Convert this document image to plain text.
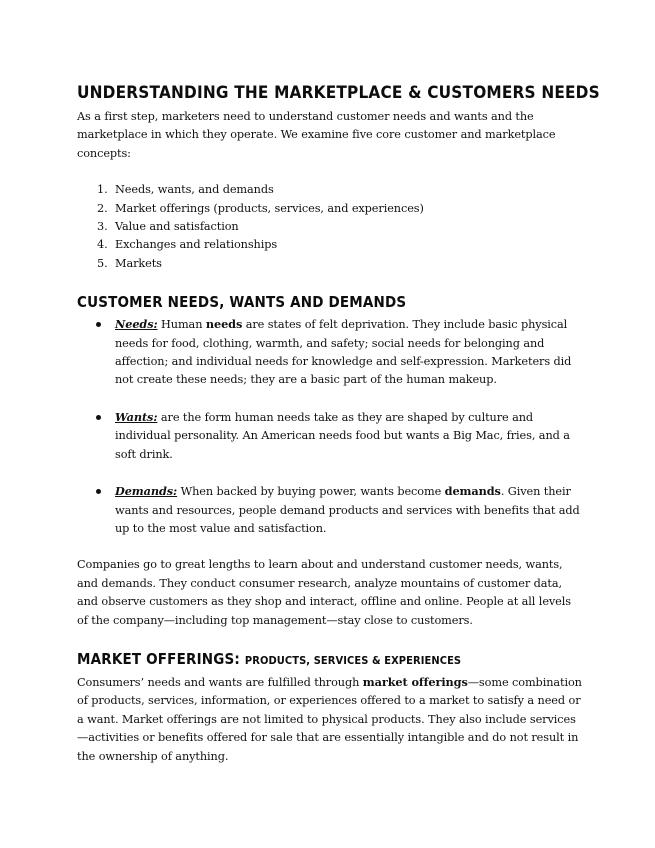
UNDERSTANDING THE MARKETPLACE & CUSTOMERS NEEDS

As a first step, marketers need to understand customer needs and wants and the marketplace in which they operate. We examine five core customer and marketplace concepts:

1. Needs, wants, and demands
2. Market offerings (products, services, and experiences)
3. Value and satisfaction
4. Exchanges and relationships
5. Markets
CUSTOMER NEEDS, WANTS AND DEMANDS
Needs: Human needs are states of felt deprivation. They include basic physical needs for food, clothing, warmth, and safety; social needs for belonging and affection; and individual needs for knowledge and self-expression. Marketers did not create these needs; they are a basic part of the human makeup.
Wants: are the form human needs take as they are shaped by culture and individual personality. An American needs food but wants a Big Mac, fries, and a soft drink.
Demands: When backed by buying power, wants become demands. Given their wants and resources, people demand products and services with benefits that add up to the most value and satisfaction.

Companies go to great lengths to learn about and understand customer needs, wants, and demands. They conduct consumer research, analyze mountains of customer data, and observe customers as they shop and interact, offline and online. People at all levels of the company—including top management—stay close to customers.

MARKET OFFERINGS: PRODUCTS, SERVICES & EXPERIENCES

Consumers’ needs and wants are fulfilled through market offerings—some combination of products, services, information, or experiences offered to a market to satisfy a need or a want. Market offerings are not limited to physical products. They also include services—activities or benefits offered for sale that are essentially intangible and do not result in the ownership of anything.
